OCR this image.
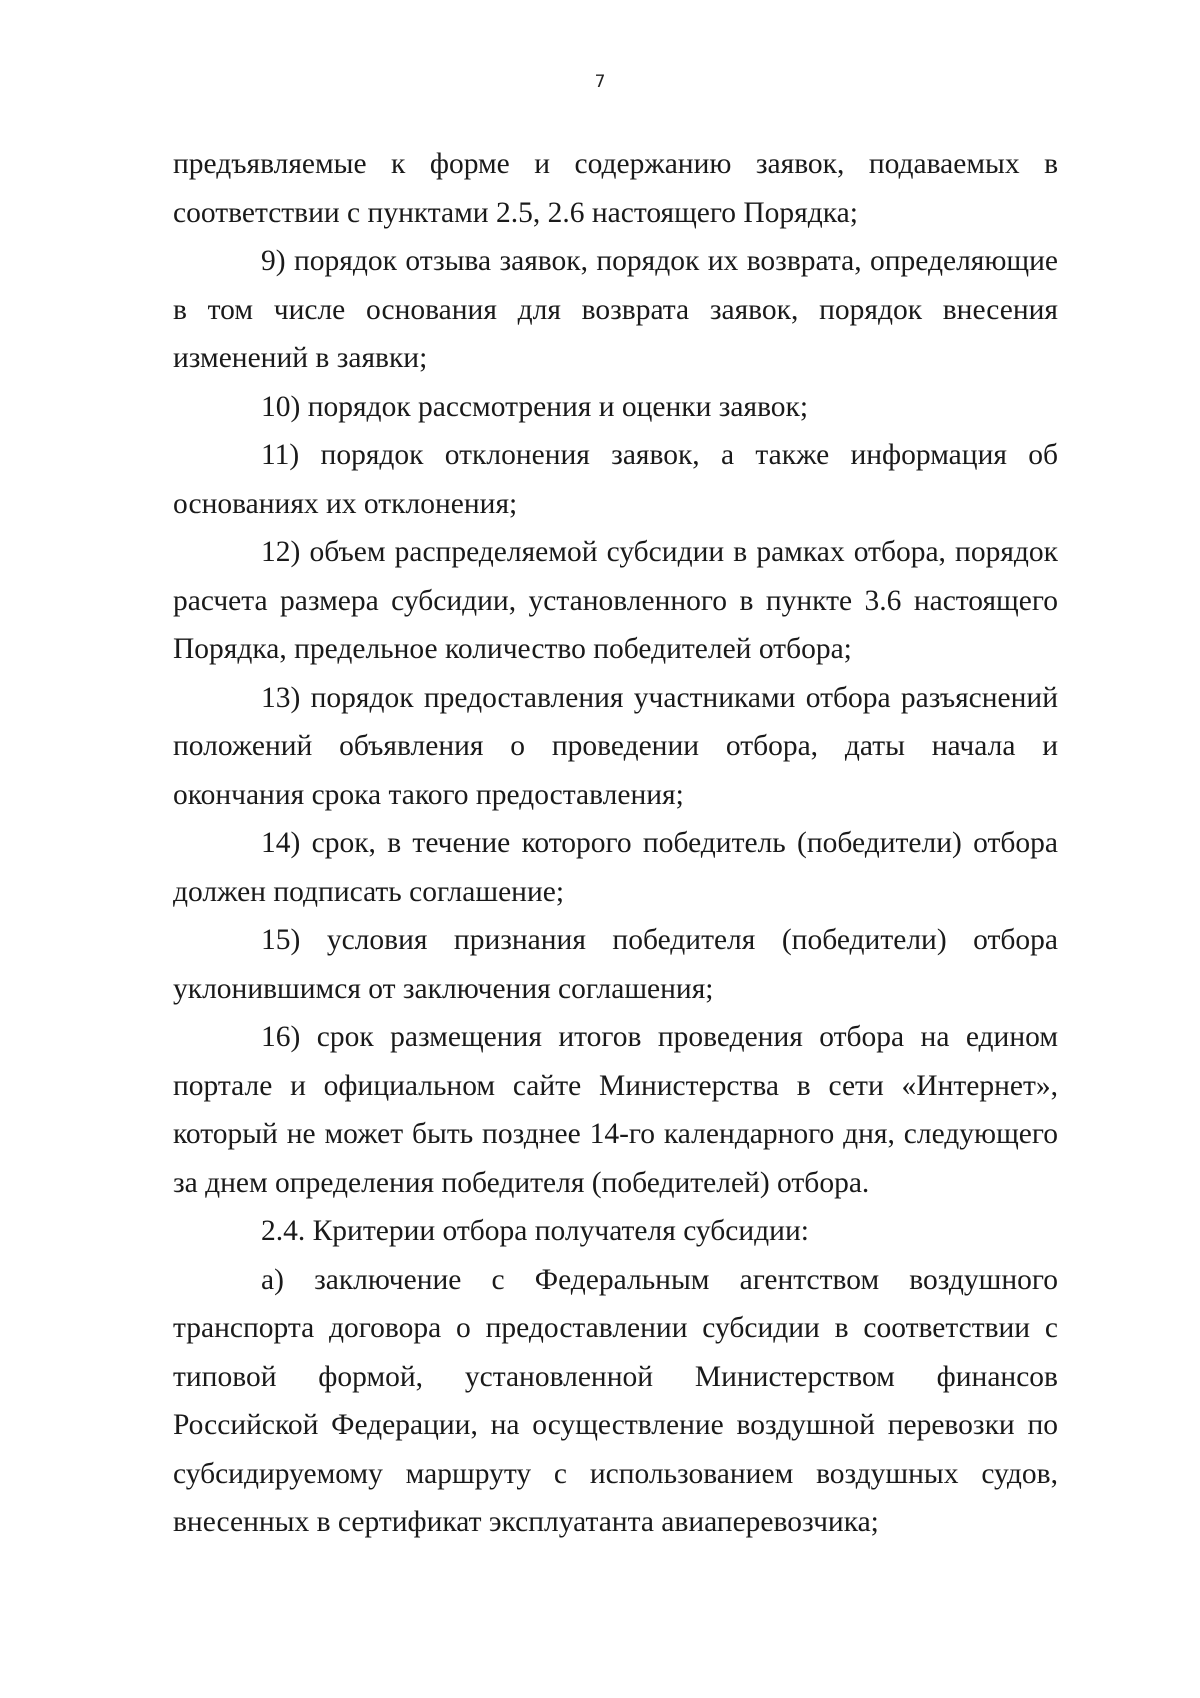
7

предъявляемые к форме и содержанию заявок, подаваемых в соответствии с пунктами 2.5, 2.6 настоящего Порядка;

9) порядок отзыва заявок, порядок их возврата, определяющие в том числе основания для возврата заявок, порядок внесения изменений в заявки;

10) порядок рассмотрения и оценки заявок;

11) порядок отклонения заявок, а также информация об основаниях их отклонения;

12) объем распределяемой субсидии в рамках отбора, порядок расчета размера субсидии, установленного в пункте 3.6 настоящего Порядка, предельное количество победителей отбора;

13) порядок предоставления участниками отбора разъяснений положений объявления о проведении отбора, даты начала и окончания срока такого предоставления;

14) срок, в течение которого победитель (победители) отбора должен подписать соглашение;

15) условия признания победителя (победители) отбора уклонившимся от заключения соглашения;

16) срок размещения итогов проведения отбора на едином портале и официальном сайте Министерства в сети «Интернет», который не может быть позднее 14-го календарного дня, следующего за днем определения победителя (победителей) отбора.

2.4. Критерии отбора получателя субсидии:

а) заключение с Федеральным агентством воздушного транспорта договора о предоставлении субсидии в соответствии с типовой формой, установленной Министерством финансов Российской Федерации, на осуществление воздушной перевозки по субсидируемому маршруту с использованием воздушных судов, внесенных в сертификат эксплуатанта авиаперевозчика;
